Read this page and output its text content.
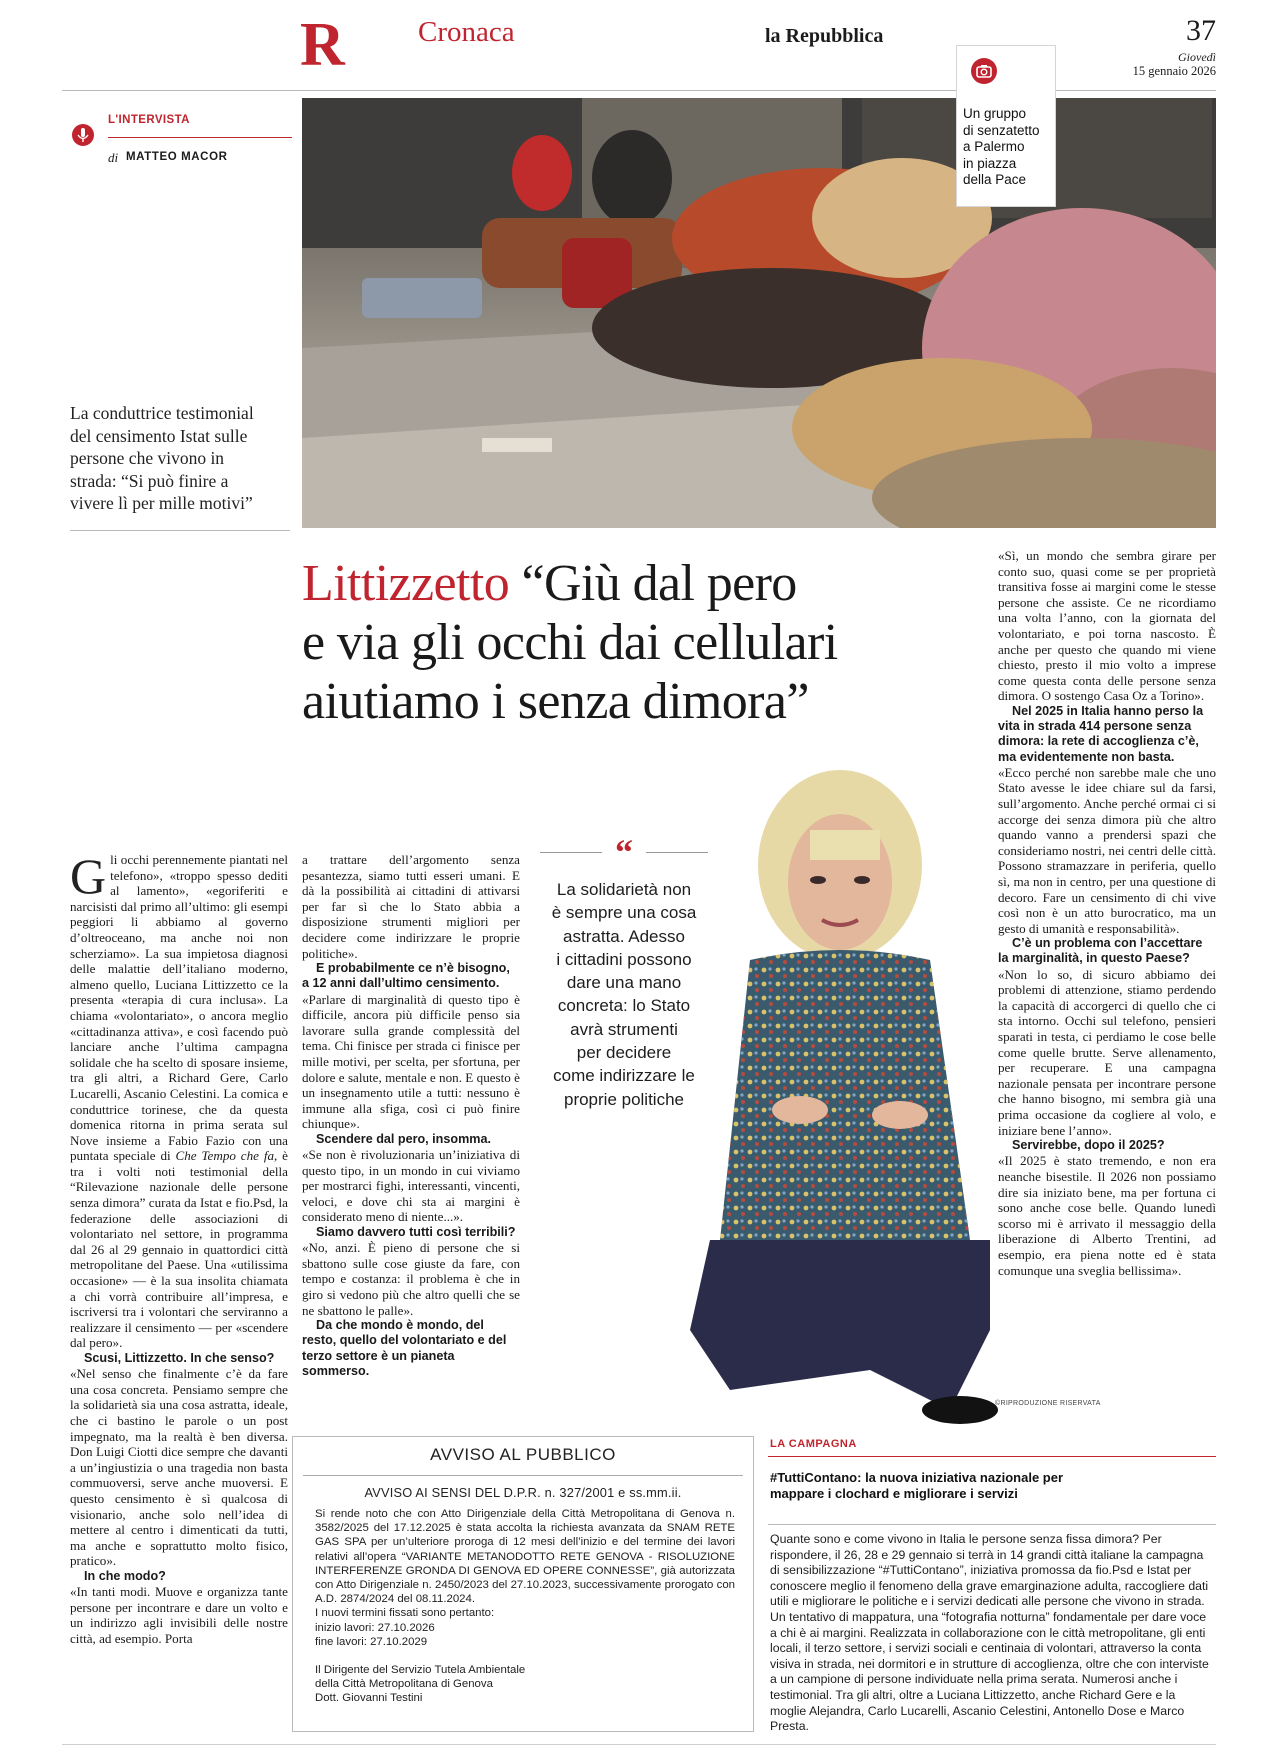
R	Cronaca	la Repubblica	37
Giovedì
15 gennaio 2026
L'INTERVISTA
di MATTEO MACOR
Un gruppo
di senzatetto
a Palermo
in piazza
della Pace
La conduttrice testimonial
del censimento Istat sulle
persone che vivono in
strada: “Si può finire a
vivere lì per mille motivi”
Littizzetto “Giù dal pero
e via gli occhi dai cellulari
aiutiamo i senza dimora”
“
La solidarietà non
è sempre una cosa
astratta. Adesso
i cittadini possono
dare una mano
concreta: lo Stato
avrà strumenti
per decidere
come indirizzare le
proprie politiche
©RIPRODUZIONE RISERVATA

Gli occhi perennemente piantati nel telefono», «troppo spesso dediti al lamento», «egoriferiti e narcisisti dal primo all’ultimo: gli esempi peggiori li abbiamo al governo d’oltreoceano, ma anche noi non scherziamo». La sua impietosa diagnosi delle malattie dell’italiano moderno, almeno quello, Luciana Littizzetto ce la presenta «terapia di cura inclusa». La chiama «volontariato», o ancora meglio «cittadinanza attiva», e così facendo può lanciare anche l’ultima campagna solidale che ha scelto di sposare insieme, tra gli altri, a Richard Gere, Carlo Lucarelli, Ascanio Celestini. La comica e conduttrice torinese, che da questa domenica ritorna in prima serata sul Nove insieme a Fabio Fazio con una puntata speciale di Che Tempo che fa, è tra i volti noti testimonial della “Rilevazione nazionale delle persone senza dimora” curata da Istat e fio.Psd, la federazione delle associazioni di volontariato nel settore, in programma dal 26 al 29 gennaio in quattordici città metropolitane del Paese. Una «utilissima occasione» — è la sua insolita chiamata a chi vorrà contribuire all’impresa, e iscriversi tra i volontari che serviranno a realizzare il censimento — per «scendere dal pero».

Scusi, Littizzetto. In che senso?

«Nel senso che finalmente c’è da fare una cosa concreta. Pensiamo sempre che la solidarietà sia una cosa astratta, ideale, che ci bastino le parole o un post impegnato, ma la realtà è ben diversa. Don Luigi Ciotti dice sempre che davanti a un’ingiustizia o una tragedia non basta commuoversi, serve anche muoversi. E questo censimento è sì qualcosa di visionario, anche solo nell’idea di mettere al centro i dimenticati da tutti, ma anche e soprattutto molto fisico, pratico».

In che modo?

«In tanti modi. Muove e organizza tante persone per incontrare e dare un volto e un indirizzo agli invisibili delle nostre città, ad esempio. Porta

a trattare dell’argomento senza pesantezza, siamo tutti esseri umani. E dà la possibilità ai cittadini di attivarsi per far sì che lo Stato abbia a disposizione strumenti migliori per decidere come indirizzare le proprie politiche».

E probabilmente ce n’è bisogno, a 12 anni dall’ultimo censimento.

«Parlare di marginalità di questo tipo è difficile, ancora più difficile penso sia lavorare sulla grande complessità del tema. Chi finisce per strada ci finisce per mille motivi, per scelta, per sfortuna, per dolore e salute, mentale e non. E questo è un insegnamento utile a tutti: nessuno è immune alla sfiga, così ci può finire chiunque».

Scendere dal pero, insomma.

«Se non è rivoluzionaria un’iniziativa di questo tipo, in un mondo in cui viviamo per mostrarci fighi, interessanti, vincenti, veloci, e dove chi sta ai margini è considerato meno di niente...».

Siamo davvero tutti così terribili?

«No, anzi. È pieno di persone che si sbattono sulle cose giuste da fare, con tempo e costanza: il problema è che in giro si vedono più che altro quelli che se ne sbattono le palle».

Da che mondo è mondo, del resto, quello del volontariato e del terzo settore è un pianeta sommerso.

«Sì, un mondo che sembra girare per conto suo, quasi come se per proprietà transitiva fosse ai margini come le stesse persone che assiste. Ce ne ricordiamo una volta l’anno, con la giornata del volontariato, e poi torna nascosto. È anche per questo che quando mi viene chiesto, presto il mio volto a imprese come questa conta delle persone senza dimora. O sostengo Casa Oz a Torino».

Nel 2025 in Italia hanno perso la vita in strada 414 persone senza dimora: la rete di accoglienza c’è, ma evidentemente non basta.

«Ecco perché non sarebbe male che uno Stato avesse le idee chiare sul da farsi, sull’argomento. Anche perché ormai ci si accorge dei senza dimora più che altro quando vanno a prendersi spazi che consideriamo nostri, nei centri delle città. Possono stramazzare in periferia, quello sì, ma non in centro, per una questione di decoro. Fare un censimento di chi vive così non è un atto burocratico, ma un gesto di umanità e responsabilità».

C’è un problema con l’accettare la marginalità, in questo Paese?

«Non lo so, di sicuro abbiamo dei problemi di attenzione, stiamo perdendo la capacità di accorgerci di quello che ci sta intorno. Occhi sul telefono, pensieri sparati in testa, ci perdiamo le cose belle come quelle brutte. Serve allenamento, per recuperare. E una campagna nazionale pensata per incontrare persone che hanno bisogno, mi sembra già una prima occasione da cogliere al volo, e iniziare bene l’anno».

Servirebbe, dopo il 2025?

«Il 2025 è stato tremendo, e non era neanche bisestile. Il 2026 non possiamo dire sia iniziato bene, ma per fortuna ci sono anche cose belle. Quando lunedì scorso mi è arrivato il messaggio della liberazione di Alberto Trentini, ad esempio, era piena notte ed è stata comunque una sveglia bellissima».

AVVISO AL PUBBLICO
AVVISO AI SENSI DEL D.P.R. n. 327/2001 e ss.mm.ii.
Si rende noto che con Atto Dirigenziale della Città Metropolitana di Genova n. 3582/2025 del 17.12.2025 è stata accolta la richiesta avanzata da SNAM RETE GAS SPA per un’ulteriore proroga di 12 mesi dell’inizio e del termine dei lavori relativi all’opera “VARIANTE METANODOTTO RETE GENOVA - RISOLUZIONE INTERFERENZE GRONDA DI GENOVA ED OPERE CONNESSE”, già autorizzata con Atto Dirigenziale n. 2450/2023 del 27.10.2023, successivamente prorogato con A.D. 2874/2024 del 08.11.2024.
I nuovi termini fissati sono pertanto:
inizio lavori: 27.10.2026
fine lavori: 27.10.2029
Il Dirigente del Servizio Tutela Ambientale
della Città Metropolitana di Genova
Dott. Giovanni Testini
LA CAMPAGNA
#TuttiContano: la nuova iniziativa nazionale per mappare i clochard e migliorare i servizi
Quante sono e come vivono in Italia le persone senza fissa dimora? Per rispondere, il 26, 28 e 29 gennaio si terrà in 14 grandi città italiane la campagna di sensibilizzazione “#TuttiContano”, iniziativa promossa da fio.Psd e Istat per conoscere meglio il fenomeno della grave emarginazione adulta, raccogliere dati utili e migliorare le politiche e i servizi dedicati alle persone che vivono in strada. Un tentativo di mappatura, una “fotografia notturna” fondamentale per dare voce a chi è ai margini. Realizzata in collaborazione con le città metropolitane, gli enti locali, il terzo settore, i servizi sociali e centinaia di volontari, attraverso la conta visiva in strada, nei dormitori e in strutture di accoglienza, oltre che con interviste a un campione di persone individuate nella prima serata. Numerosi anche i testimonial. Tra gli altri, oltre a Luciana Littizzetto, anche Richard Gere e la moglie Alejandra, Carlo Lucarelli, Ascanio Celestini, Antonello Dose e Marco Presta.
